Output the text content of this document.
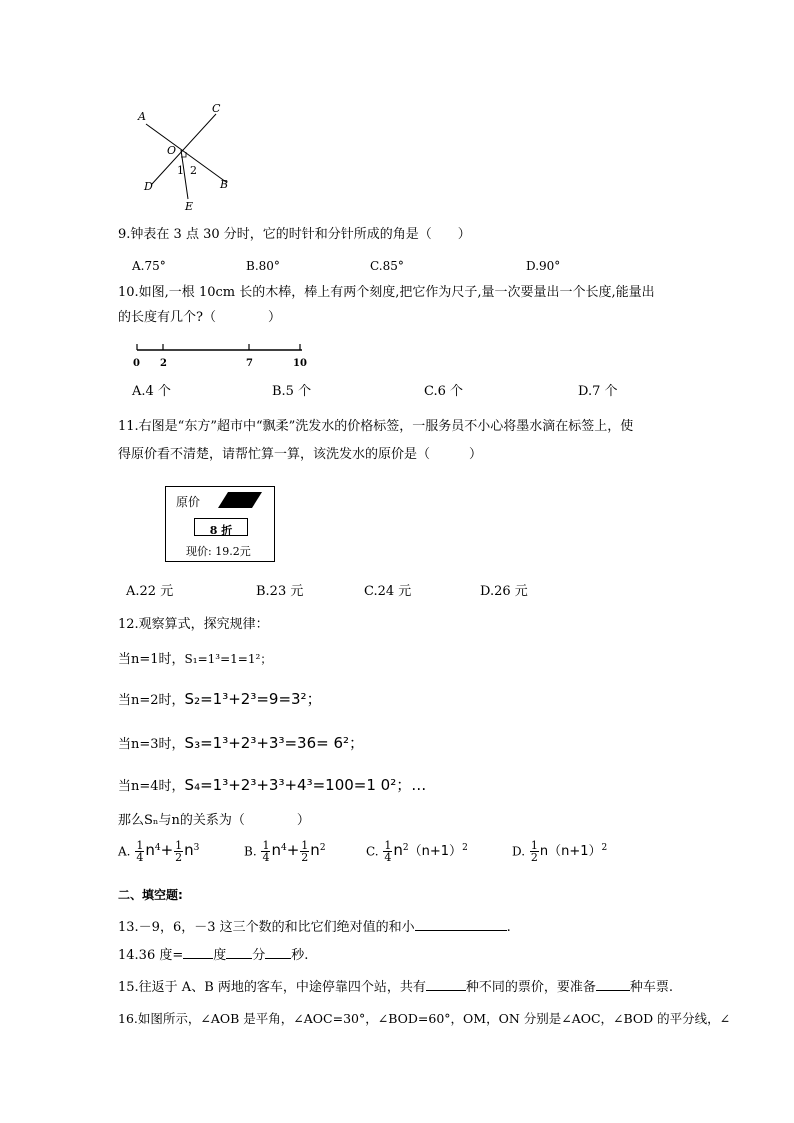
A
C
O
1 2
D	B
E
9.钟表在 3 点 30 分时，它的时针和分针所成的角是（　　）
A.75°	B.80°	C.85°	D.90°
10.如图,一根 10cm 长的木棒，棒上有两个刻度,把它作为尺子,量一次要量出一个长度,能量出
的长度有几个?（　　　　）
0 2	7	10
A.4 个	B.5 个	C.6 个	D.7 个
11.右图是“东方”超市中“飘柔”洗发水的价格标签，一服务员不小心将墨水滴在标签上，使
得原价看不清楚，请帮忙算一算，该洗发水的原价是（　　　）
原价
8 折
现价: 19.2元
A.22 元	B.23 元	C.24 元	D.26 元
12.观察算式，探究规律：
当n=1时，S₁=1³=1=1²；
当n=2时，S₂=1³+2³=9=3²；
当n=3时，S₃=1³+2³+3³=36= 6²；
当n=4时，S₄=1³+2³+3³+4³=100=1 0²；…
那么Sₙ与n的关系为（　　　　）
A. $\frac{1}{4} n^4+ \frac{1}{2} n^3$	B. $\frac{1}{4} n^4+ \frac{1}{2} n^2$	C. $\frac{1}{4} n^2(n+1)^2$	D. $\frac{1}{2} n(n+1)^2$
二、填空题:
13.－9，6，－3 这三个数的和比它们绝对值的和小	.
14.36 度= 度 分 秒.
15.往返于 A、B 两地的客车，中途停靠四个站，共有	种不同的票价，要准备	种车票.
16.如图所示，∠AOB 是平角，∠AOC=30°，∠BOD=60°，OM，ON 分别是∠AOC，∠BOD 的平分线，∠
